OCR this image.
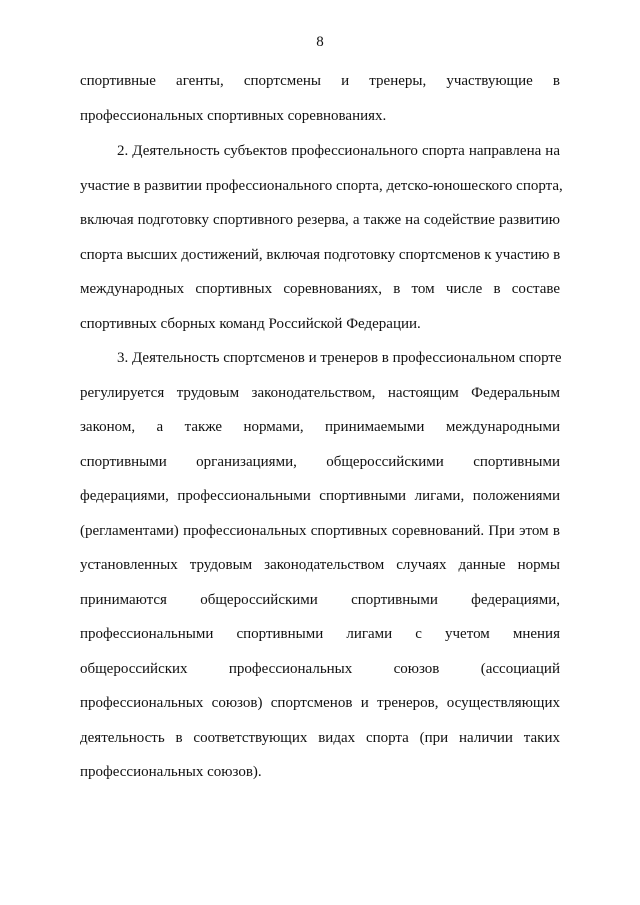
8
спортивные агенты, спортсмены и тренеры, участвующие в
профессиональных спортивных соревнованиях.
2. Деятельность субъектов профессионального спорта направлена на
участие в развитии профессионального спорта, детско-юношеского спорта,
включая подготовку спортивного резерва, а также на содействие развитию
спорта высших достижений, включая подготовку спортсменов к участию в
международных спортивных соревнованиях, в том числе в составе
спортивных сборных команд Российской Федерации.
3. Деятельность спортсменов и тренеров в профессиональном спорте
регулируется трудовым законодательством, настоящим Федеральным
законом, а также нормами, принимаемыми международными
спортивными организациями, общероссийскими спортивными
федерациями, профессиональными спортивными лигами, положениями
(регламентами) профессиональных спортивных соревнований. При этом в
установленных трудовым законодательством случаях данные нормы
принимаются общероссийскими спортивными федерациями,
профессиональными спортивными лигами с учетом мнения
общероссийских профессиональных союзов (ассоциаций
профессиональных союзов) спортсменов и тренеров, осуществляющих
деятельность в соответствующих видах спорта (при наличии таких
профессиональных союзов).
